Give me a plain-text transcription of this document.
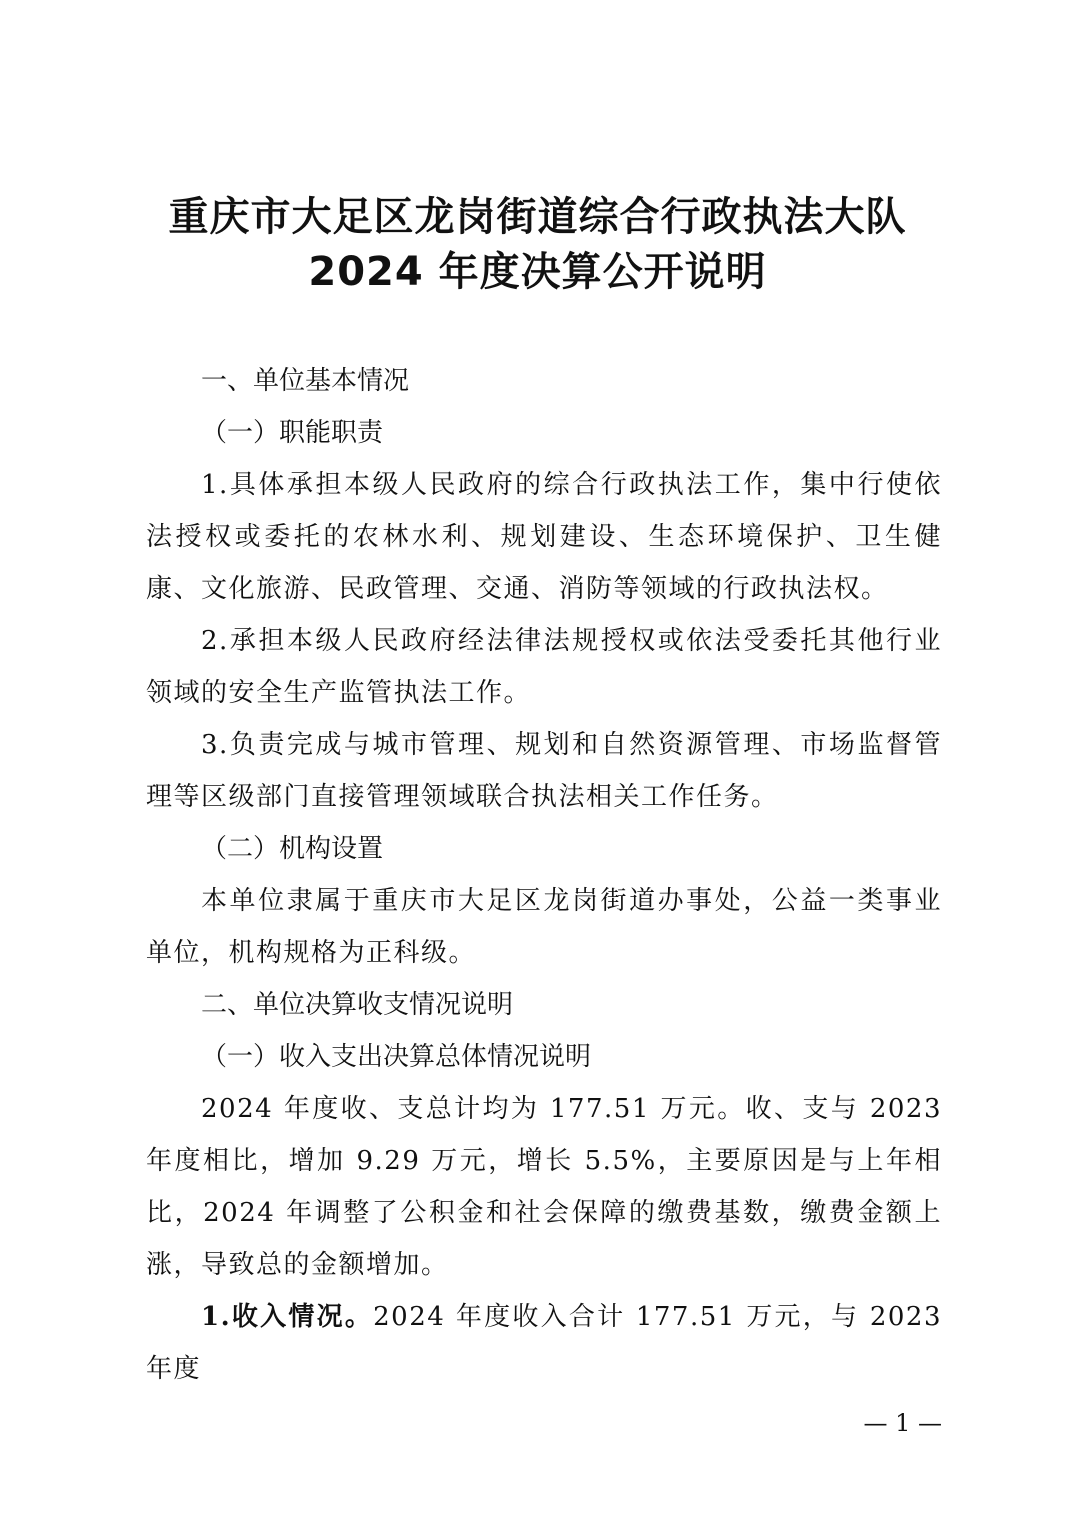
重庆市大足区龙岗街道综合行政执法大队
2024 年度决算公开说明
一、单位基本情况
（一）职能职责

1.具体承担本级人民政府的综合行政执法工作，集中行使依法授权或委托的农林水利、规划建设、生态环境保护、卫生健康、文化旅游、民政管理、交通、消防等领域的行政执法权。

2.承担本级人民政府经法律法规授权或依法受委托其他行业领域的安全生产监管执法工作。

3.负责完成与城市管理、规划和自然资源管理、市场监督管理等区级部门直接管理领域联合执法相关工作任务。

（二）机构设置

本单位隶属于重庆市大足区龙岗街道办事处，公益一类事业单位，机构规格为正科级。

二、单位决算收支情况说明
（一）收入支出决算总体情况说明

2024 年度收、支总计均为 177.51 万元。收、支与 2023 年度相比，增加 9.29 万元，增长 5.5%，主要原因是与上年相比，2024 年调整了公积金和社会保障的缴费基数，缴费金额上涨，导致总的金额增加。

1.收入情况。2024 年度收入合计 177.51 万元，与 2023 年度

— 1 —
